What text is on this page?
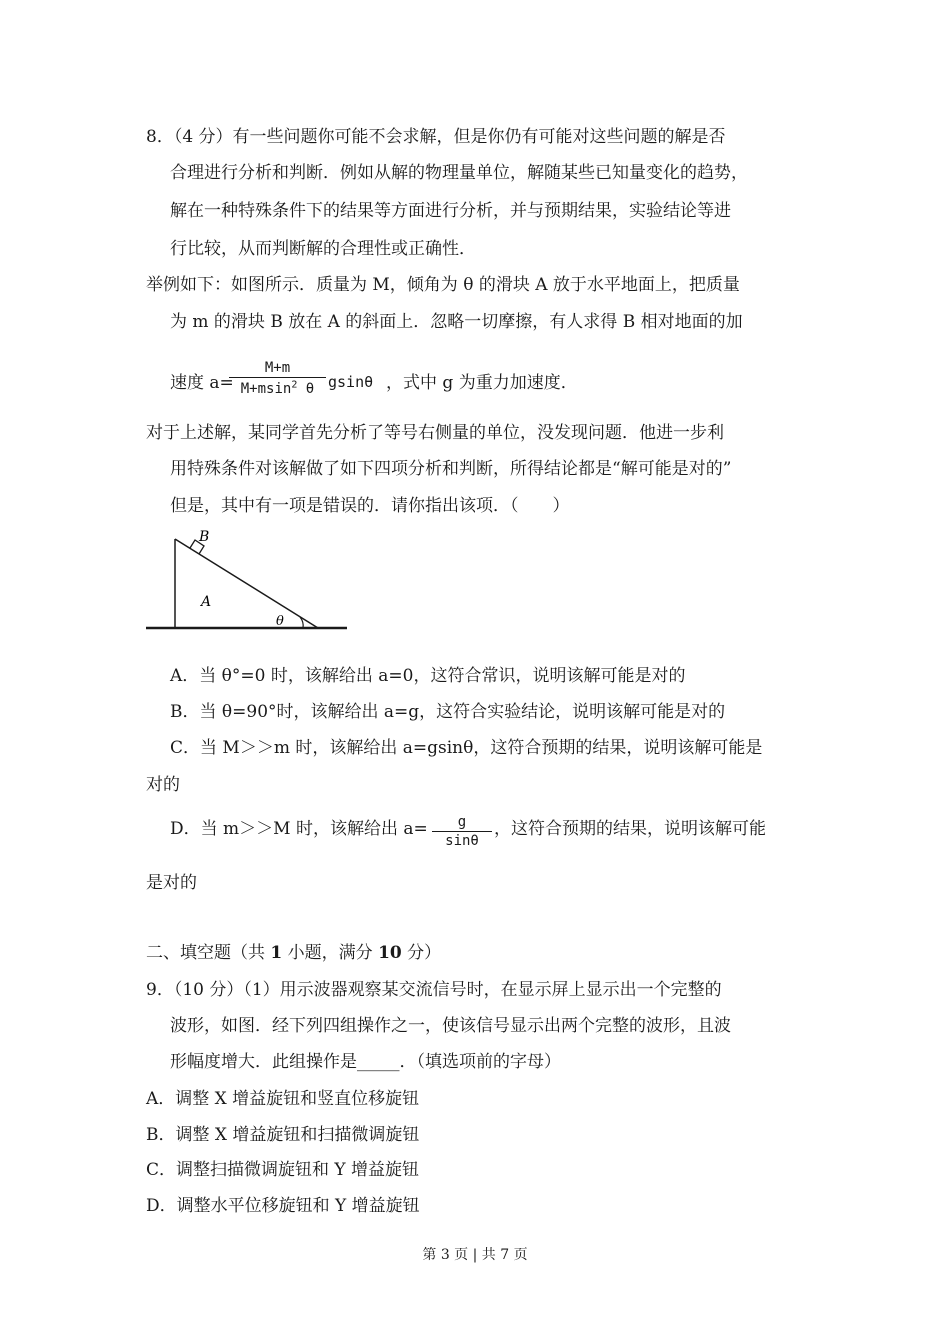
8．（4 分）有一些问题你可能不会求解，但是你仍有可能对这些问题的解是否
合理进行分析和判断．例如从解的物理量单位，解随某些已知量变化的趋势，
解在一种特殊条件下的结果等方面进行分析，并与预期结果，实验结论等进
行比较，从而判断解的合理性或正确性．
举例如下：如图所示．质量为 M，倾角为 θ 的滑块 A 放于水平地面上，把质量
为 m 的滑块 B 放在 A 的斜面上．忽略一切摩擦，有人求得 B 相对地面的加
速度 a=
M+m
M+msin$^2$ θ gsinθ ，式中 g 为重力加速度．
对于上述解，某同学首先分析了等号右侧量的单位，没发现问题．他进一步利
用特殊条件对该解做了如下四项分析和判断，所得结论都是“解可能是对的”
但是，其中有一项是错误的．请你指出该项．（　　）
B
A
θ
A．当 θ°=0 时，该解给出 a=0，这符合常识，说明该解可能是对的
B．当 θ=90°时，该解给出 a=g，这符合实验结论，说明该解可能是对的
C．当 M＞＞m 时，该解给出 a=gsinθ，这符合预期的结果，说明该解可能是
对的
D．当 m＞＞M 时，该解给出 a=	g
sinθ
，这符合预期的结果，说明该解可能
是对的
二、填空题（共 1 小题，满分 10 分）
9．（10 分）（1）用示波器观察某交流信号时，在显示屏上显示出一个完整的
波形，如图．经下列四组操作之一，使该信号显示出两个完整的波形，且波
形幅度增大．此组操作是_____．（填选项前的字母）
A．调整 X 增益旋钮和竖直位移旋钮
B．调整 X 增益旋钮和扫描微调旋钮
C．调整扫描微调旋钮和 Y 增益旋钮
D．调整水平位移旋钮和 Y 增益旋钮
第 3 页 | 共 7 页
